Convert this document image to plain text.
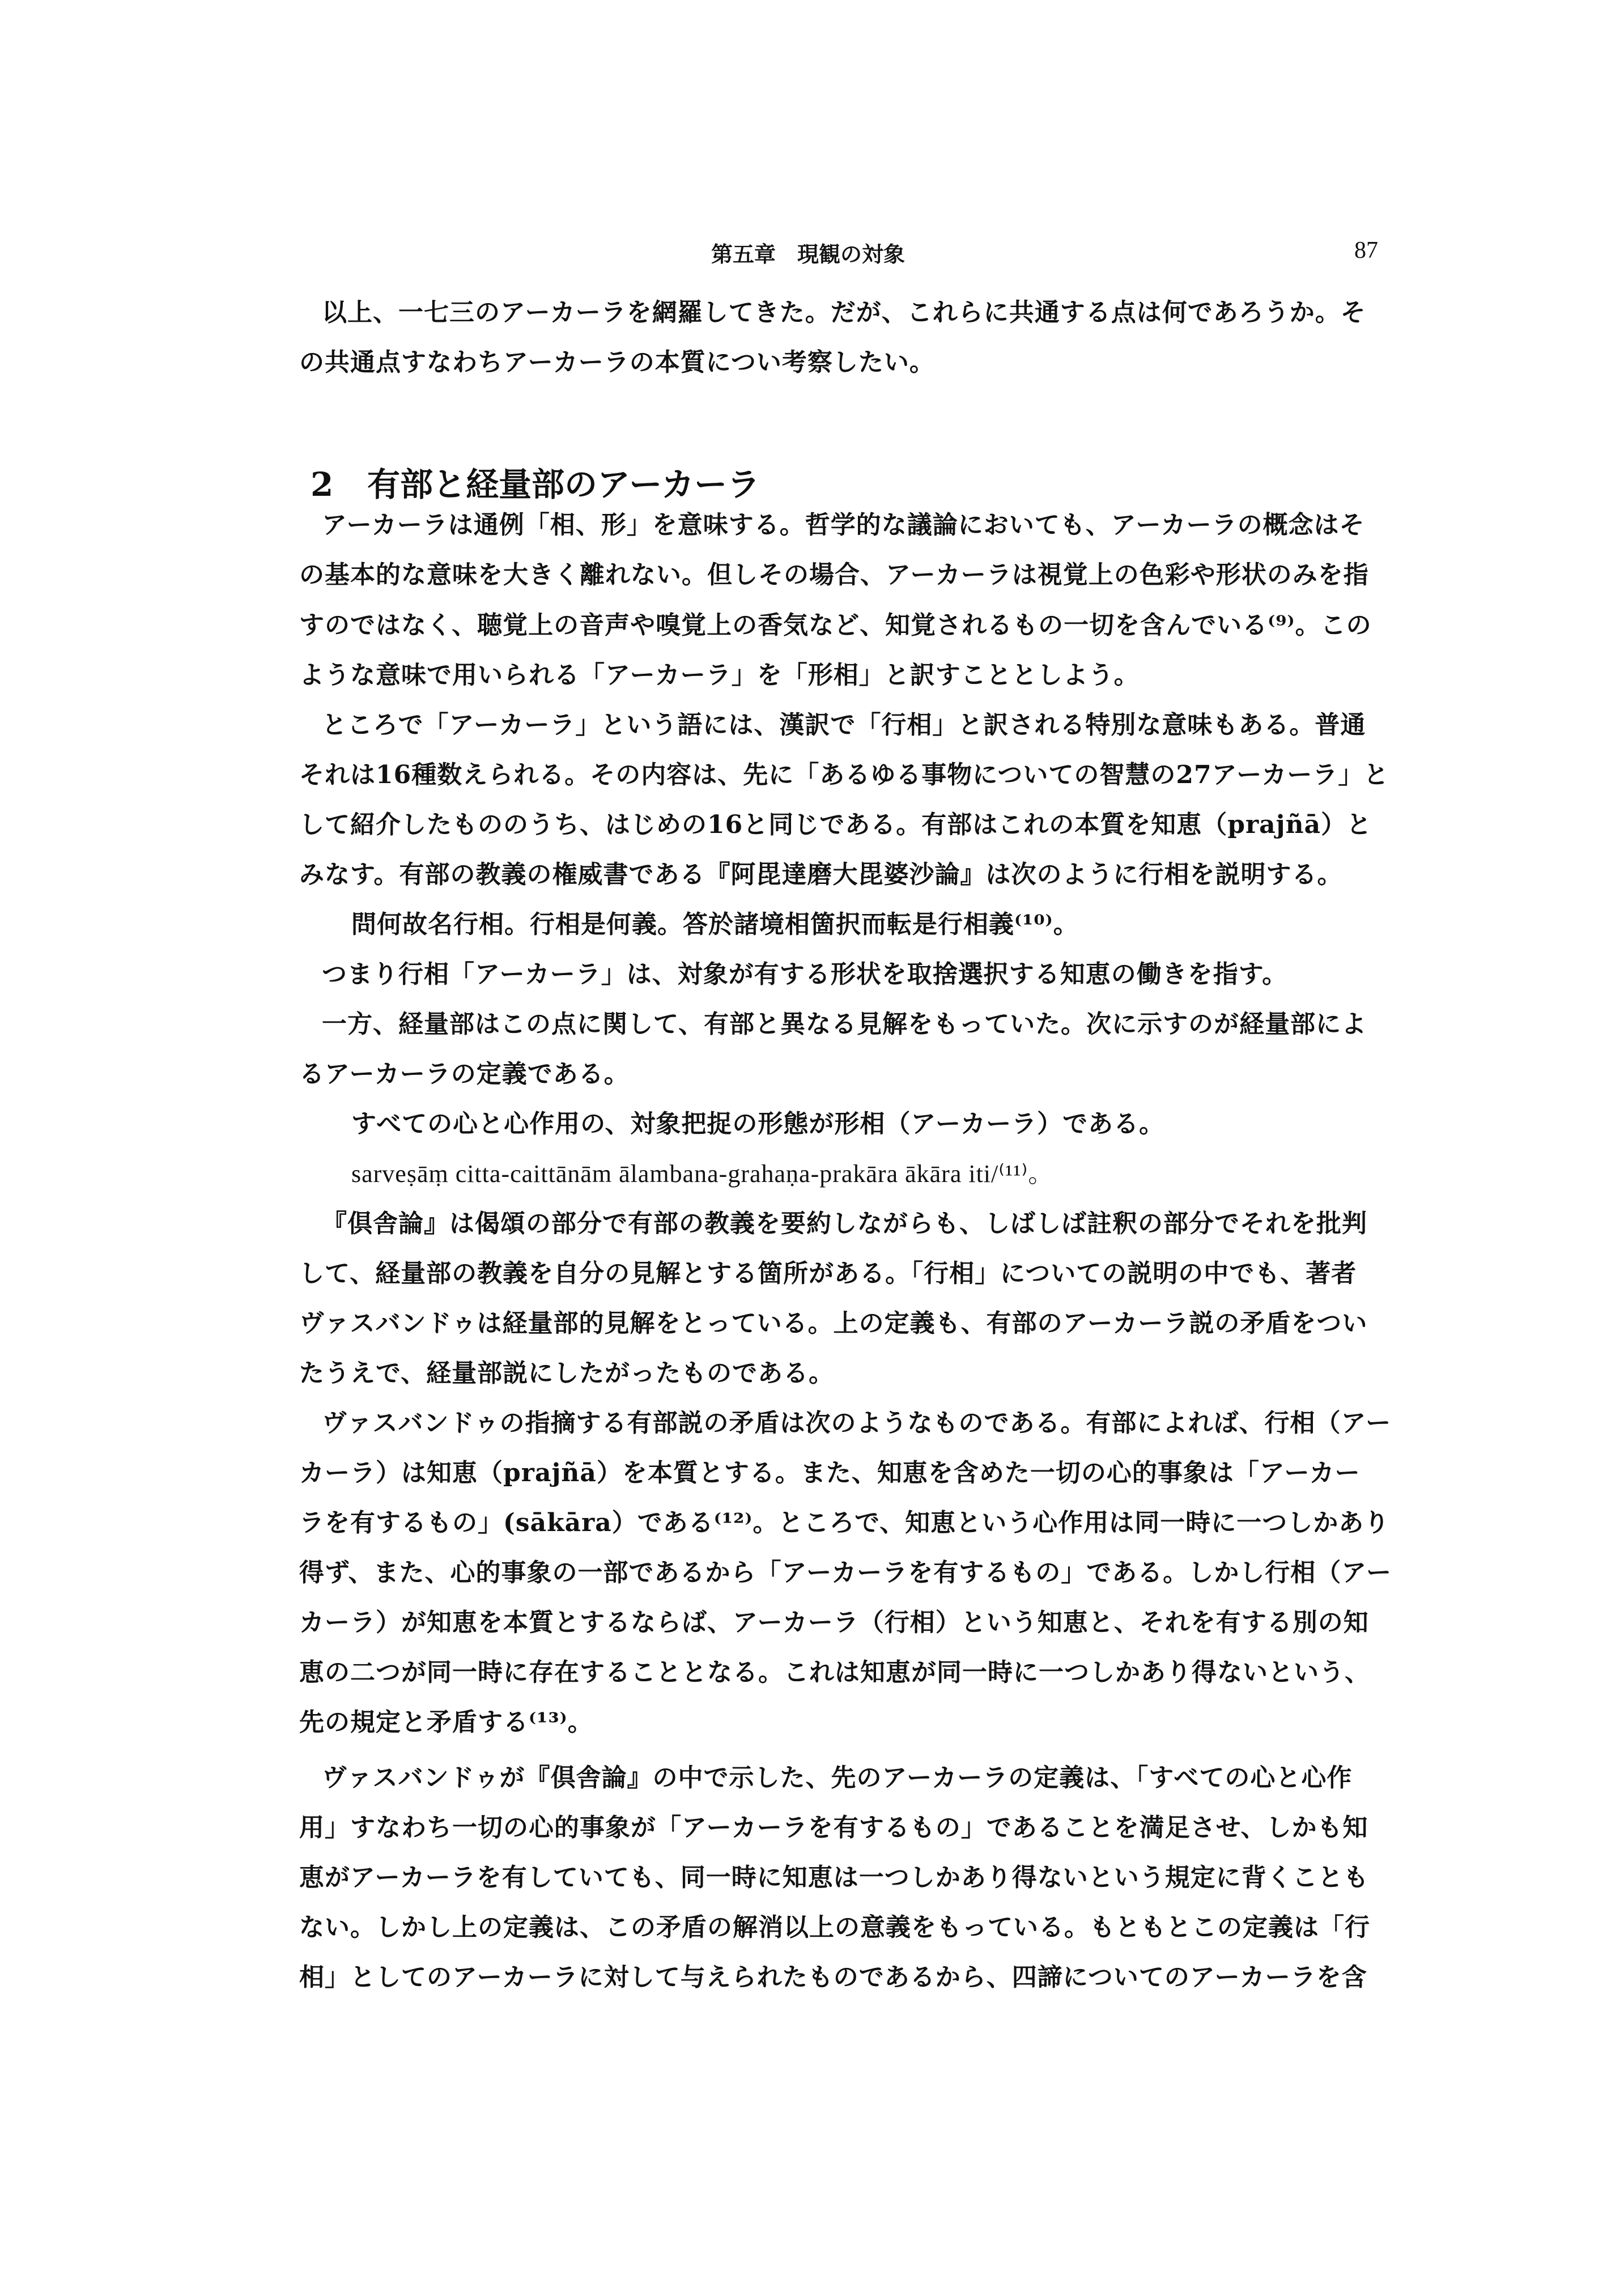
第五章　現観の対象	87
以上、一七三のアーカーラを網羅してきた。だが、これらに共通する点は何であろうか。そ
の共通点すなわちアーカーラの本質につい考察したい。
2 有部と経量部のアーカーラ
アーカーラは通例「相、形」を意味する。哲学的な議論においても、アーカーラの概念はそ
の基本的な意味を大きく離れない。但しその場合、アーカーラは視覚上の色彩や形状のみを指
すのではなく、聴覚上の音声や嗅覚上の香気など、知覚されるもの一切を含んでいる⁽⁹⁾。この
ような意味で用いられる「アーカーラ」を「形相」と訳すこととしよう。
ところで「アーカーラ」という語には、漢訳で「行相」と訳される特別な意味もある。普通
それは16種数えられる。その内容は、先に「あるゆる事物についての智慧の27アーカーラ」と
して紹介したもののうち、はじめの16と同じである。有部はこれの本質を知恵（prajñā）と
みなす。有部の教義の権威書である『阿毘達磨大毘婆沙論』は次のように行相を説明する。
問何故名行相。行相是何義。答於諸境相箇択而転是行相義⁽¹⁰⁾。
つまり行相「アーカーラ」は、対象が有する形状を取捨選択する知恵の働きを指す。
一方、経量部はこの点に関して、有部と異なる見解をもっていた。次に示すのが経量部によ
るアーカーラの定義である。
すべての心と心作用の、対象把捉の形態が形相（アーカーラ）である。
sarveṣāṃ citta-caittānām ālambana-grahaṇa-prakāra ākāra iti/⁽¹¹⁾。
『倶舎論』は偈頌の部分で有部の教義を要約しながらも、しばしば註釈の部分でそれを批判
して、経量部の教義を自分の見解とする箇所がある。「行相」についての説明の中でも、著者
ヴァスバンドゥは経量部的見解をとっている。上の定義も、有部のアーカーラ説の矛盾をつい
たうえで、経量部説にしたがったものである。
ヴァスバンドゥの指摘する有部説の矛盾は次のようなものである。有部によれば、行相（アー
カーラ）は知恵（prajñā）を本質とする。また、知恵を含めた一切の心的事象は「アーカー
ラを有するもの」(sākāra）である⁽¹²⁾。ところで、知恵という心作用は同一時に一つしかあり
得ず、また、心的事象の一部であるから「アーカーラを有するもの」である。しかし行相（アー
カーラ）が知恵を本質とするならば、アーカーラ（行相）という知恵と、それを有する別の知
恵の二つが同一時に存在することとなる。これは知恵が同一時に一つしかあり得ないという、
先の規定と矛盾する⁽¹³⁾。
ヴァスバンドゥが『倶舎論』の中で示した、先のアーカーラの定義は、「すべての心と心作
用」すなわち一切の心的事象が「アーカーラを有するもの」であることを満足させ、しかも知
恵がアーカーラを有していても、同一時に知恵は一つしかあり得ないという規定に背くことも
ない。しかし上の定義は、この矛盾の解消以上の意義をもっている。もともとこの定義は「行
相」としてのアーカーラに対して与えられたものであるから、四諦についてのアーカーラを含
